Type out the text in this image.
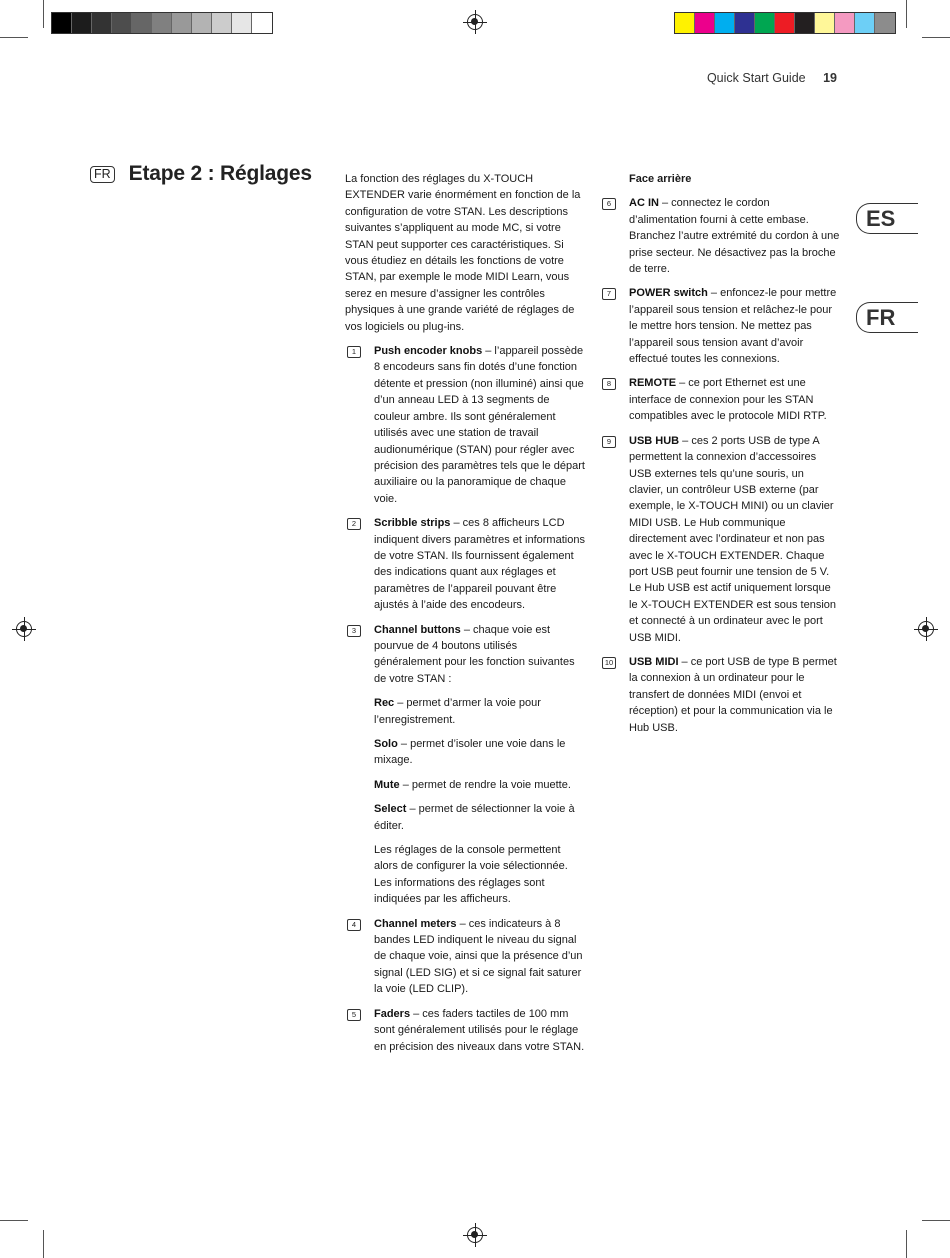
Quick Start Guide 19
FR Etape 2 : Réglages
ES
FR

La fonction des réglages du X-TOUCH EXTENDER varie énormément en fonction de la configuration de votre STAN. Les descriptions suivantes s’appliquent au mode MC, si votre STAN peut supporter ces caractéristiques. Si vous étudiez en détails les fonctions de votre STAN, par exemple le mode MIDI Learn, vous serez en mesure d’assigner les contrôles physiques à une grande variété de réglages de vos logiciels ou plug-ins.

1	Push encoder knobs – l’appareil possède 8 encodeurs sans fin dotés d’une fonction détente et pression (non illuminé) ainsi que d’un anneau LED à 13 segments de couleur ambre. Ils sont généralement utilisés avec une station de travail audionumérique (STAN) pour régler avec précision des paramètres tels que le départ auxiliaire ou la panoramique de chaque voie.
2	Scribble strips – ces 8 afficheurs LCD indiquent divers paramètres et informations de votre STAN. Ils fournissent également des indications quant aux réglages et paramètres de l’appareil pouvant être ajustés à l’aide des encodeurs.
3	Channel buttons – chaque voie est pourvue de 4 boutons utilisés généralement pour les fonction suivantes de votre STAN :
Rec – permet d’armer la voie pour l’enregistrement.
Solo – permet d’isoler une voie dans le mixage.
Mute – permet de rendre la voie muette.
Select – permet de sélectionner la voie à éditer.
Les réglages de la console permettent alors de configurer la voie sélectionnée. Les informations des réglages sont indiquées par les afficheurs.
4	Channel meters – ces indicateurs à 8 bandes LED indiquent le niveau du signal de chaque voie, ainsi que la présence d’un signal (LED SIG) et si ce signal fait saturer la voie (LED CLIP).
5	Faders – ces faders tactiles de 100 mm sont généralement utilisés pour le réglage en précision des niveaux dans votre STAN.
Face arrière
6	AC IN – connectez le cordon d’alimentation fourni à cette embase. Branchez l’autre extrémité du cordon à une prise secteur. Ne désactivez pas la broche de terre.
7	POWER switch – enfoncez-le pour mettre l’appareil sous tension et relâchez-le pour le mettre hors tension. Ne mettez pas l’appareil sous tension avant d’avoir effectué toutes les connexions.
8	REMOTE – ce port Ethernet est une interface de connexion pour les STAN compatibles avec le protocole MIDI RTP.
9	USB HUB – ces 2 ports USB de type A permettent la connexion d’accessoires USB externes tels qu’une souris, un clavier, un contrôleur USB externe (par exemple, le X-TOUCH MINI) ou un clavier MIDI USB. Le Hub communique directement avec l’ordinateur et non pas avec le X-TOUCH EXTENDER. Chaque port USB peut fournir une tension de 5 V. Le Hub USB est actif uniquement lorsque le X-TOUCH EXTENDER est sous tension et connecté à un ordinateur avec le port USB MIDI.
10 USB MIDI – ce port USB de type B permet la connexion à un ordinateur pour le transfert de données MIDI (envoi et réception) et pour la communication via le Hub USB.
